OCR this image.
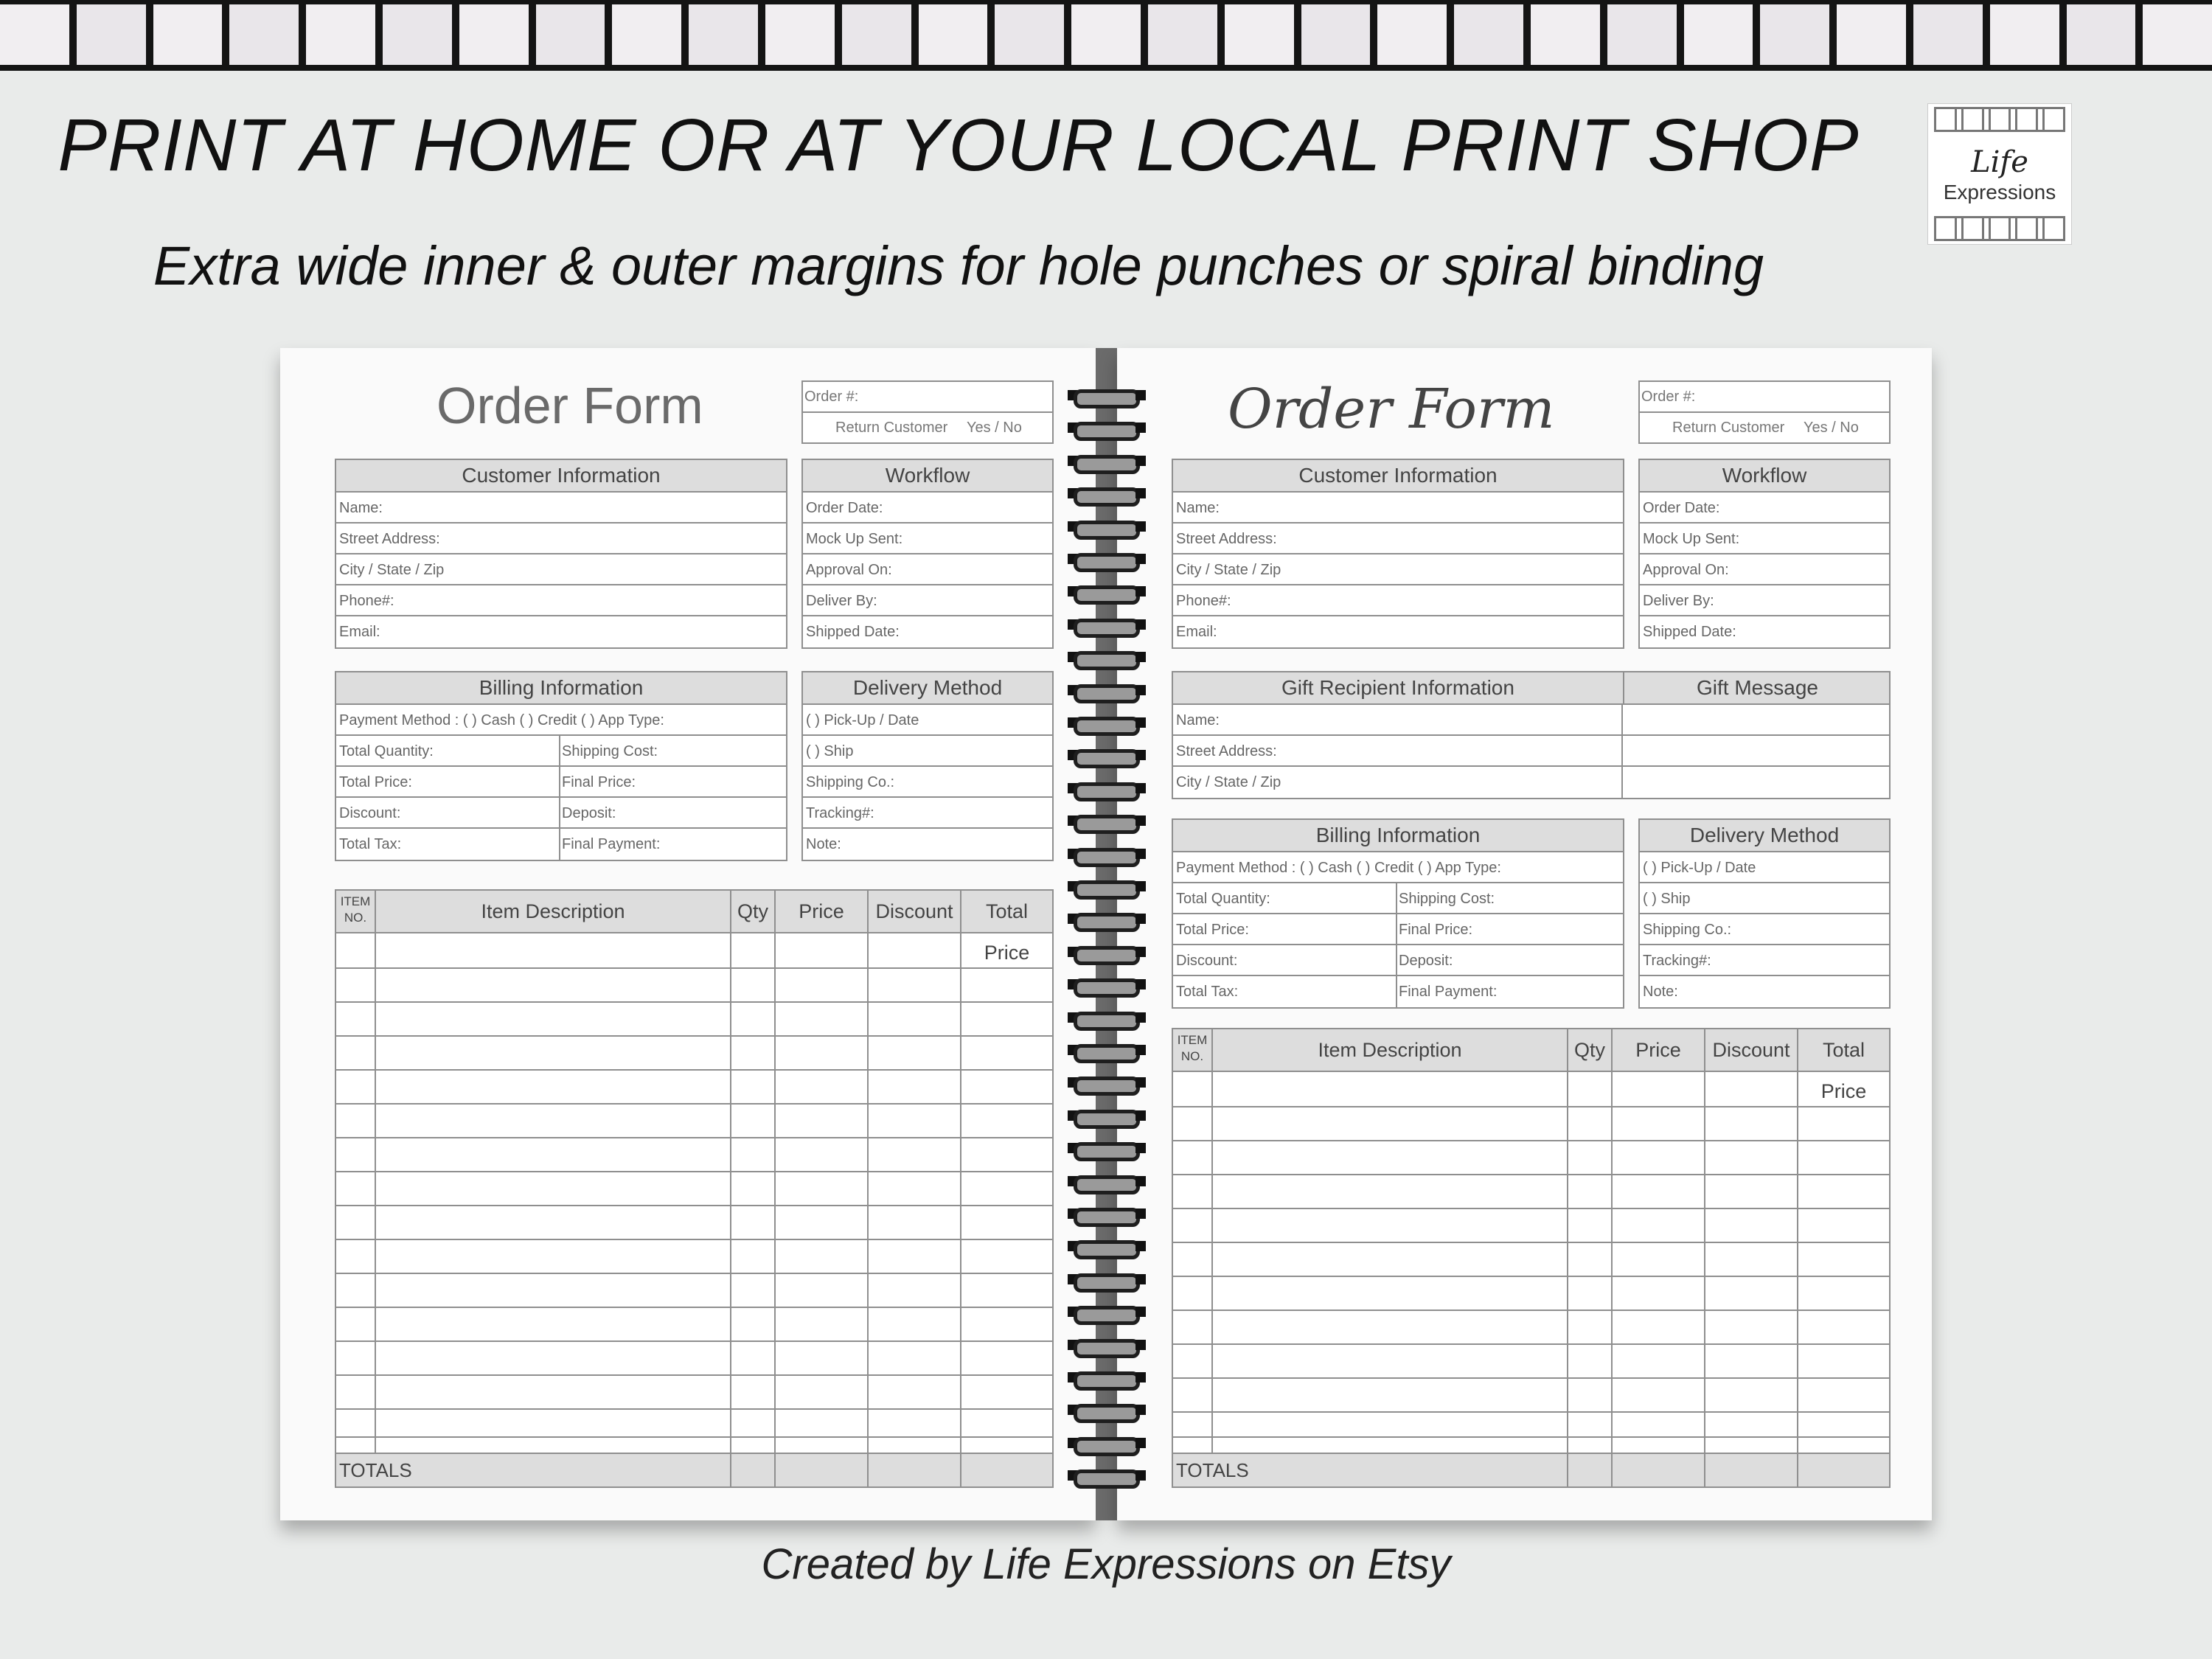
PRINT AT HOME OR AT YOUR LOCAL PRINT SHOP
Extra wide inner & outer margins for hole punches or spiral binding
Life
Expressions
Order Form	Order #:
Return Customer Yes / No
Customer Information
Name:
Street Address:
City / State / Zip
Phone#:
Email:
Workflow
Order Date:
Mock Up Sent:
Approval On:
Deliver By:
Shipped Date:
Billing Information
Payment Method : ( ) Cash ( ) Credit ( ) App Type:
Total Quantity:	Shipping Cost:
Total Price:	Final Price:
Discount:	Deposit:
Total Tax:	Final Payment:
Delivery Method
( ) Pick-Up / Date
( ) Ship
Shipping Co.:
Tracking#:
Note:
ITEM NO.	Item Description	Qty	Price	Discount	Total Price
TOTALS
Order Form	Order #:
Return Customer Yes / No
Customer Information
Name:
Street Address:
City / State / Zip
Phone#:
Email:
Workflow
Order Date:
Mock Up Sent:
Approval On:
Deliver By:
Shipped Date:
Gift Recipient Information	Gift Message
Name:
Street Address:
City / State / Zip
Billing Information
Payment Method : ( ) Cash ( ) Credit ( ) App Type:
Total Quantity:	Shipping Cost:
Total Price:	Final Price:
Discount:	Deposit:
Total Tax:	Final Payment:
Delivery Method
( ) Pick-Up / Date
( ) Ship
Shipping Co.:
Tracking#:
Note:
ITEM NO.	Item Description	Qty	Price	Discount	Total Price
TOTALS
Created by Life Expressions on Etsy
